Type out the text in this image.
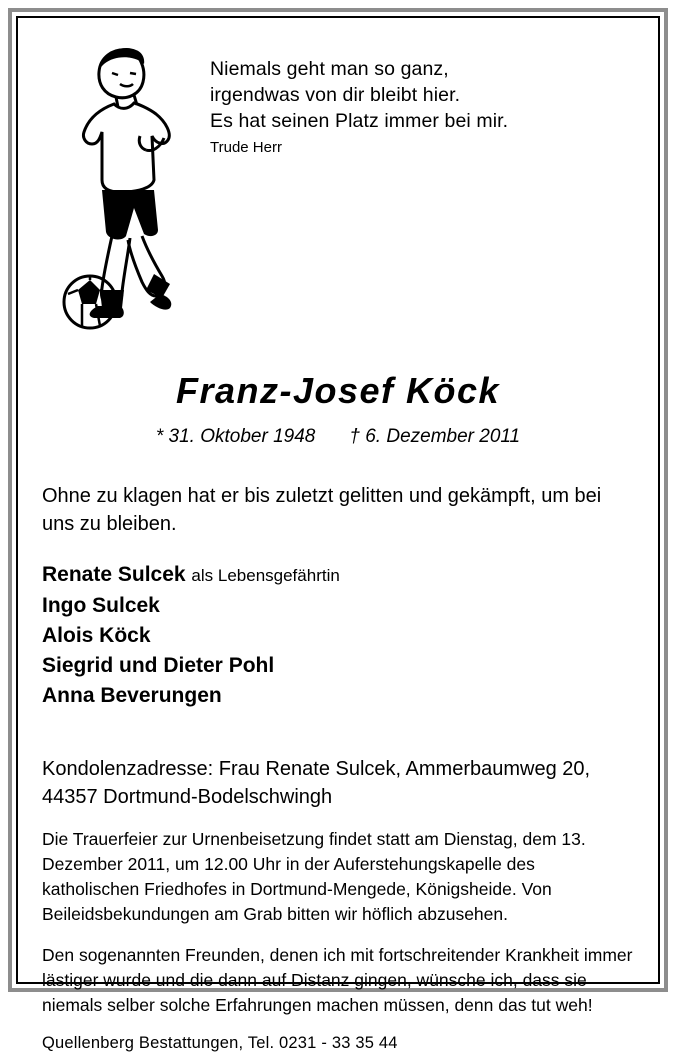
Niemals geht man so ganz,
irgendwas von dir bleibt hier.
Es hat seinen Platz immer bei mir.
Trude Herr
Franz-Josef Köck
* 31. Oktober 1948 † 6. Dezember 2011
Ohne zu klagen hat er bis zuletzt gelitten und gekämpft, um bei uns zu bleiben.
Renate Sulcek als Lebensgefährtin
Ingo Sulcek
Alois Köck
Siegrid und Dieter Pohl
Anna Beverungen
Kondolenzadresse: Frau Renate Sulcek, Ammerbaumweg 20, 44357 Dortmund-Bodelschwingh
Die Trauerfeier zur Urnenbeisetzung findet statt am Dienstag, dem 13. Dezember 2011, um 12.00 Uhr in der Auferstehungskapelle des katholischen Friedhofes in Dortmund-Mengede, Königsheide. Von Beileidsbekundungen am Grab bitten wir höflich abzusehen.
Den sogenannten Freunden, denen ich mit fortschreitender Krankheit immer lästiger wurde und die dann auf Distanz gingen, wünsche ich, dass sie niemals selber solche Erfahrungen machen müssen, denn das tut weh!
Quellenberg Bestattungen, Tel. 0231 - 33 35 44
